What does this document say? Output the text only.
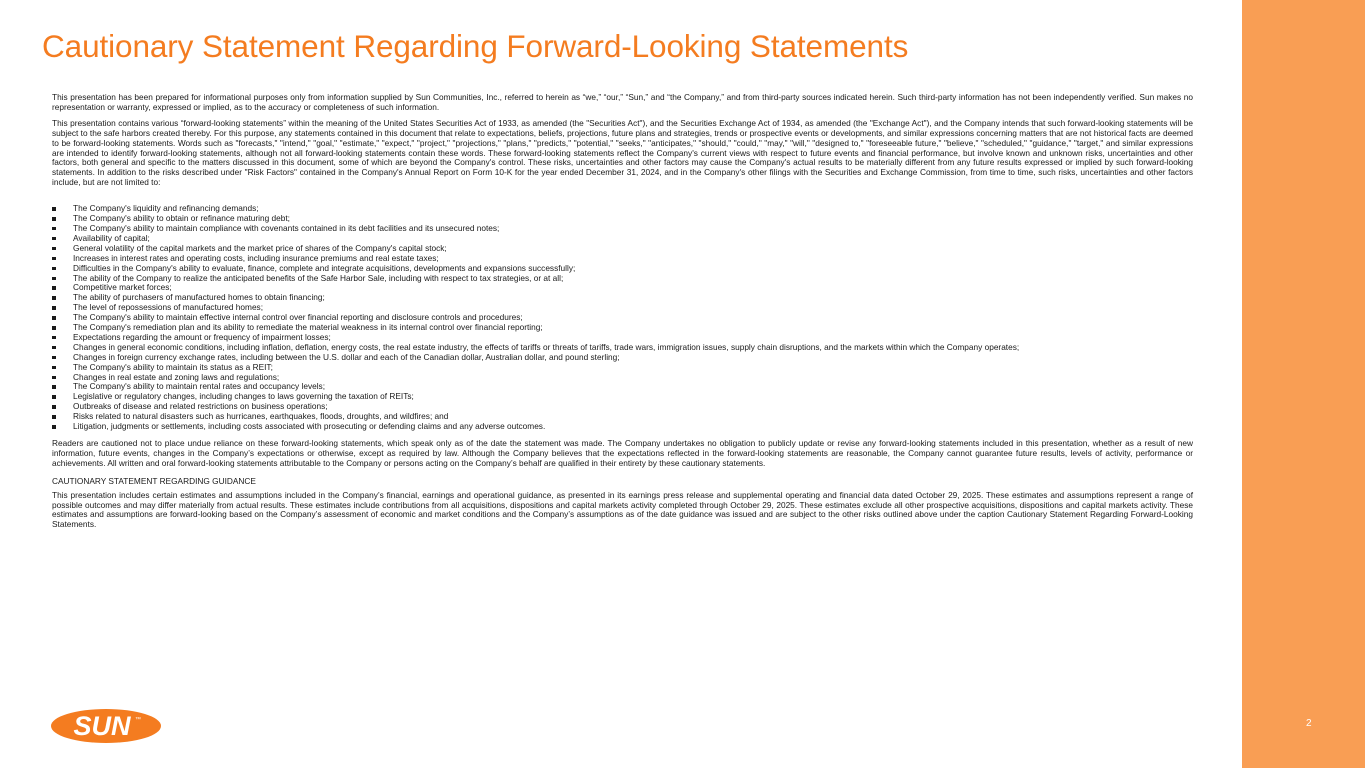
Cautionary Statement Regarding Forward-Looking Statements

This presentation has been prepared for informational purposes only from information supplied by Sun Communities, Inc., referred to herein as “we,” “our,” “Sun,” and “the Company,” and from third-party sources indicated herein. Such third-party information has not been independently verified. Sun makes no representation or warranty, expressed or implied, as to the accuracy or completeness of such information.

This presentation contains various “forward-looking statements” within the meaning of the United States Securities Act of 1933, as amended (the "Securities Act"), and the Securities Exchange Act of 1934, as amended (the "Exchange Act"), and the Company intends that such forward-looking statements will be subject to the safe harbors created thereby. For this purpose, any statements contained in this document that relate to expectations, beliefs, projections, future plans and strategies, trends or prospective events or developments, and similar expressions concerning matters that are not historical facts are deemed to be forward-looking statements. Words such as "forecasts," "intend," "goal," "estimate," "expect," "project," "projections," "plans," "predicts," "potential," "seeks," "anticipates," "should," "could," "may," "will," "designed to," "foreseeable future," "believe," "scheduled," "guidance," "target," and similar expressions are intended to identify forward-looking statements, although not all forward-looking statements contain these words. These forward-looking statements reflect the Company's current views with respect to future events and financial performance, but involve known and unknown risks, uncertainties and other factors, both general and specific to the matters discussed in this document, some of which are beyond the Company's control. These risks, uncertainties and other factors may cause the Company's actual results to be materially different from any future results expressed or implied by such forward-looking statements. In addition to the risks described under "Risk Factors" contained in the Company's Annual Report on Form 10-K for the year ended December 31, 2024, and in the Company's other filings with the Securities and Exchange Commission, from time to time, such risks, uncertainties and other factors include, but are not limited to:

The Company's liquidity and refinancing demands;
The Company's ability to obtain or refinance maturing debt;
The Company's ability to maintain compliance with covenants contained in its debt facilities and its unsecured notes;
Availability of capital;
General volatility of the capital markets and the market price of shares of the Company's capital stock;
Increases in interest rates and operating costs, including insurance premiums and real estate taxes;
Difficulties in the Company's ability to evaluate, finance, complete and integrate acquisitions, developments and expansions successfully;
The ability of the Company to realize the anticipated benefits of the Safe Harbor Sale, including with respect to tax strategies, or at all;
Competitive market forces;
The ability of purchasers of manufactured homes to obtain financing;
The level of repossessions of manufactured homes;
The Company's ability to maintain effective internal control over financial reporting and disclosure controls and procedures;
The Company's remediation plan and its ability to remediate the material weakness in its internal control over financial reporting;
Expectations regarding the amount or frequency of impairment losses;
Changes in general economic conditions, including inflation, deflation, energy costs, the real estate industry, the effects of tariffs or threats of tariffs, trade wars, immigration issues, supply chain disruptions, and the markets within which the Company operates;
Changes in foreign currency exchange rates, including between the U.S. dollar and each of the Canadian dollar, Australian dollar, and pound sterling;
The Company's ability to maintain its status as a REIT;
Changes in real estate and zoning laws and regulations;
The Company's ability to maintain rental rates and occupancy levels;
Legislative or regulatory changes, including changes to laws governing the taxation of REITs;
Outbreaks of disease and related restrictions on business operations;
Risks related to natural disasters such as hurricanes, earthquakes, floods, droughts, and wildfires; and
Litigation, judgments or settlements, including costs associated with prosecuting or defending claims and any adverse outcomes.

Readers are cautioned not to place undue reliance on these forward-looking statements, which speak only as of the date the statement was made. The Company undertakes no obligation to publicly update or revise any forward-looking statements included in this presentation, whether as a result of new information, future events, changes in the Company’s expectations or otherwise, except as required by law. Although the Company believes that the expectations reflected in the forward-looking statements are reasonable, the Company cannot guarantee future results, levels of activity, performance or achievements. All written and oral forward-looking statements attributable to the Company or persons acting on the Company’s behalf are qualified in their entirety by these cautionary statements.

CAUTIONARY STATEMENT REGARDING GUIDANCE

This presentation includes certain estimates and assumptions included in the Company’s financial, earnings and operational guidance, as presented in its earnings press release and supplemental operating and financial data dated October 29, 2025. These estimates and assumptions represent a range of possible outcomes and may differ materially from actual results. These estimates include contributions from all acquisitions, dispositions and capital markets activity completed through October 29, 2025. These estimates exclude all other prospective acquisitions, dispositions and capital markets activity. These estimates and assumptions are forward-looking based on the Company’s assessment of economic and market conditions and the Company’s assumptions as of the date guidance was issued and are subject to the other risks outlined above under the caption Cautionary Statement Regarding Forward-Looking Statements.

SUN ™	2
